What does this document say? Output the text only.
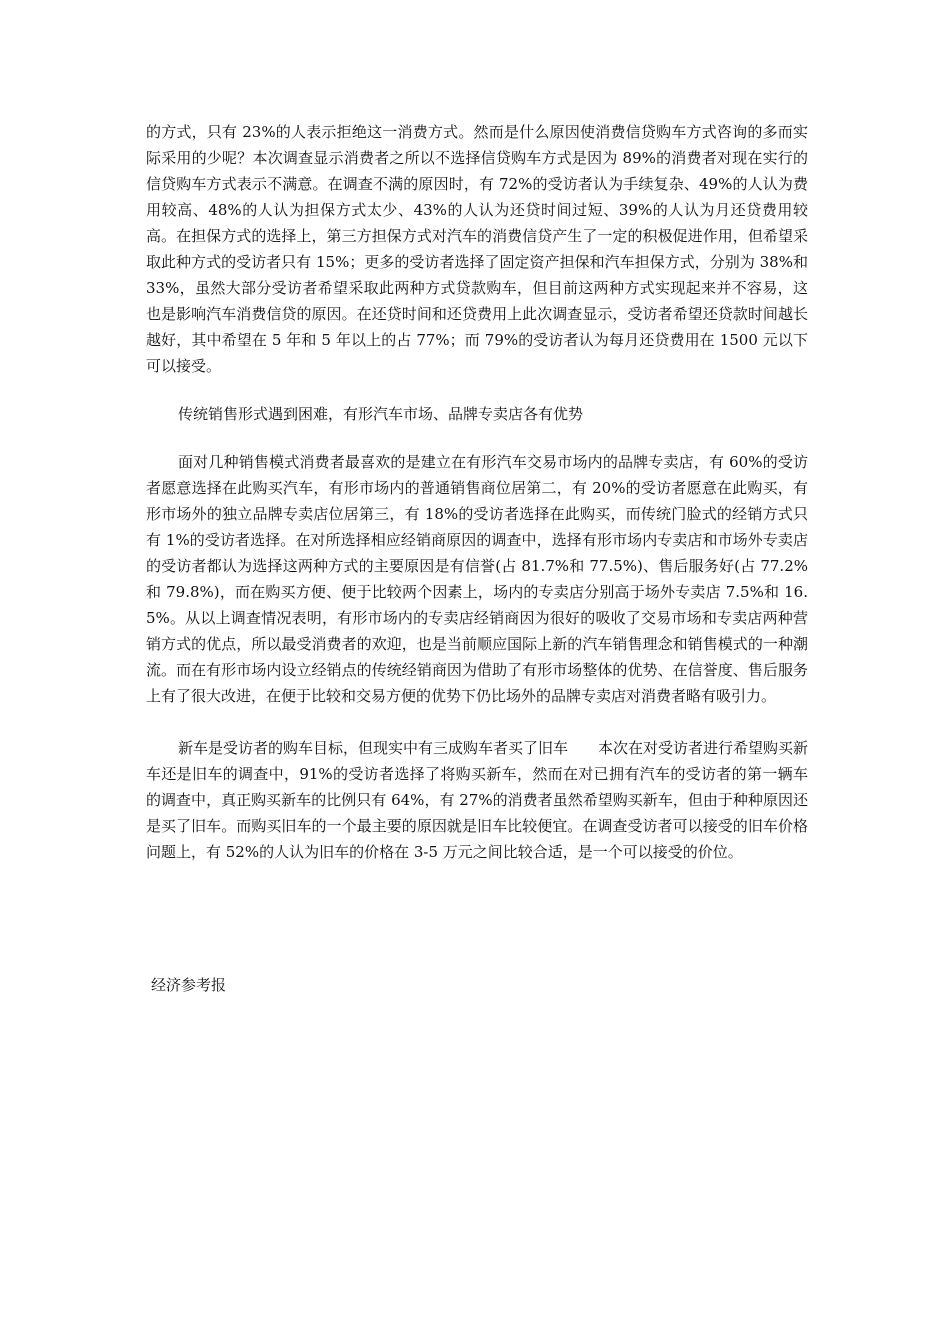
的方式，只有 23%的人表示拒绝这一消费方式。然而是什么原因使消费信贷购车方式咨询的多而实际采用的少呢？本次调查显示消费者之所以不选择信贷购车方式是因为 89%的消费者对现在实行的信贷购车方式表示不满意。在调查不满的原因时，有 72%的受访者认为手续复杂、49%的人认为费用较高、48%的人认为担保方式太少、43%的人认为还贷时间过短、39%的人认为月还贷费用较高。在担保方式的选择上，第三方担保方式对汽车的消费信贷产生了一定的积极促进作用，但希望采取此种方式的受访者只有 15%；更多的受访者选择了固定资产担保和汽车担保方式，分别为 38%和 33%，虽然大部分受访者希望采取此两种方式贷款购车，但目前这两种方式实现起来并不容易，这也是影响汽车消费信贷的原因。在还贷时间和还贷费用上此次调查显示，受访者希望还贷款时间越长越好，其中希望在 5 年和 5 年以上的占 77%；而 79%的受访者认为每月还贷费用在 1500 元以下可以接受。

传统销售形式遇到困难，有形汽车市场、品牌专卖店各有优势

面对几种销售模式消费者最喜欢的是建立在有形汽车交易市场内的品牌专卖店，有 60%的受访者愿意选择在此购买汽车，有形市场内的普通销售商位居第二，有 20%的受访者愿意在此购买，有形市场外的独立品牌专卖店位居第三，有 18%的受访者选择在此购买，而传统门脸式的经销方式只有 1%的受访者选择。在对所选择相应经销商原因的调查中，选择有形市场内专卖店和市场外专卖店的受访者都认为选择这两种方式的主要原因是有信誉(占 81.7%和 77.5%)、售后服务好(占 77.2%和 79.8%)，而在购买方便、便于比较两个因素上，场内的专卖店分别高于场外专卖店 7.5%和 16.5%。从以上调查情况表明，有形市场内的专卖店经销商因为很好的吸收了交易市场和专卖店两种营销方式的优点，所以最受消费者的欢迎，也是当前顺应国际上新的汽车销售理念和销售模式的一种潮流。而在有形市场内设立经销点的传统经销商因为借助了有形市场整体的优势、在信誉度、售后服务上有了很大改进，在便于比较和交易方便的优势下仍比场外的品牌专卖店对消费者略有吸引力。

新车是受访者的购车目标，但现实中有三成购车者买了旧车　　本次在对受访者进行希望购买新车还是旧车的调查中，91%的受访者选择了将购买新车，然而在对已拥有汽车的受访者的第一辆车的调查中，真正购买新车的比例只有 64%，有 27%的消费者虽然希望购买新车，但由于种种原因还是买了旧车。而购买旧车的一个最主要的原因就是旧车比较便宜。在调查受访者可以接受的旧车价格问题上，有 52%的人认为旧车的价格在 3-5 万元之间比较合适，是一个可以接受的价位。

经济参考报
